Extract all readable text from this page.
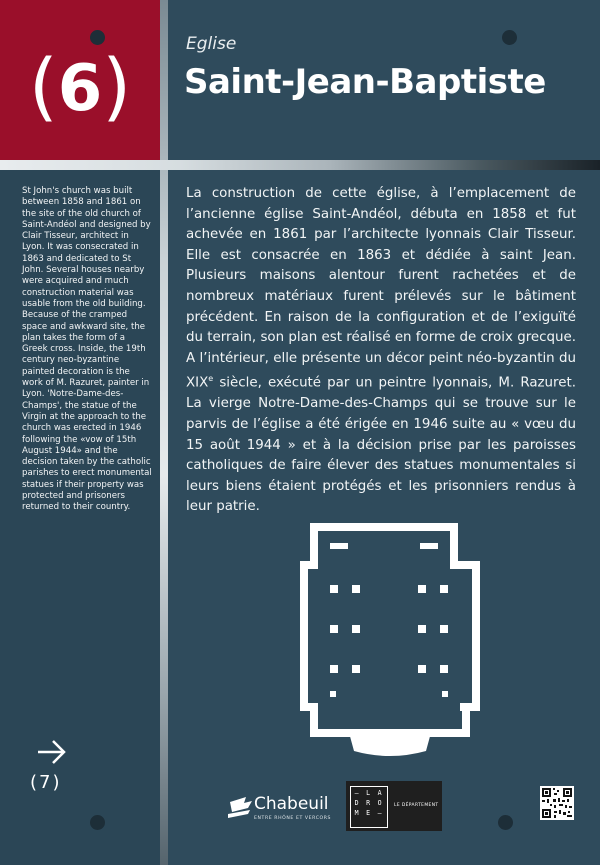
(6)	Eglise
Saint-Jean-Baptiste
St John's church was built between 1858 and 1861 on the site of the old church of Saint-Andéol and designed by Clair Tisseur, architect in Lyon. It was consecrated in 1863 and dedicated to St John. Several houses nearby were acquired and much construction material was usable from the old building. Because of the cramped space and awkward site, the plan takes the form of a Greek cross. Inside, the 19th century neo-byzantine painted decoration is the work of M. Razuret, painter in Lyon. 'Notre-Dame-des-Champs', the statue of the Virgin at the approach to the church was erected in 1946 following the «vow of 15th August 1944» and the decision taken by the catholic parishes to erect monumental statues if their property was protected and prisoners returned to their country.
La construction de cette église, à l’emplacement de l’ancienne église Saint-Andéol, débuta en 1858 et fut achevée en 1861 par l’architecte lyonnais Clair Tisseur. Elle est consacrée en 1863 et dédiée à saint Jean. Plusieurs maisons alentour furent rachetées et de nombreux matériaux furent prélevés sur le bâtiment précédent. En raison de la configuration et de l’exiguïté du terrain, son plan est réalisé en forme de croix grecque. A l’intérieur, elle présente un décor peint néo-byzantin du XIXe siècle, exécuté par un peintre lyonnais, M. Razuret. La vierge Notre-Dame-des-Champs qui se trouve sur le parvis de l’église a été érigée en 1946 suite au « vœu du 15 août 1944 » et à la décision prise par les paroisses catholiques de faire élever des statues monumentales si leurs biens étaient protégés et les prisonniers rendus à leur patrie.
(7)
Chabeuil
ENTRE RHÔNE ET VERCORS
– L A
D R O
M E –
LE DÉPARTEMENT
